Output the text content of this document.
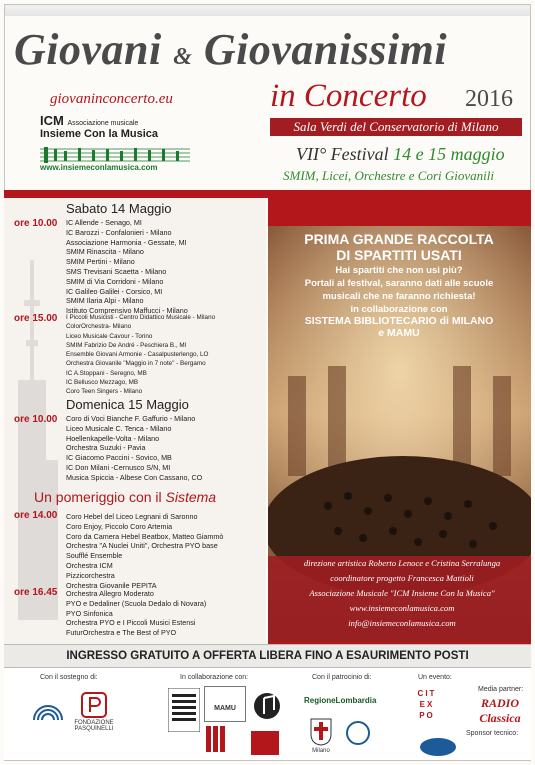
Giovani & Giovanissimi
in Concerto 2016
giovaninconcerto.eu
ICM Associazione musicale
Insieme Con la Musica
www.insiemeconlamusica.com
Sala Verdi del Conservatorio di Milano
VII° Festival 14 e 15 maggio
SMIM, Licei, Orchestre e Cori Giovanili
Sabato 14 Maggio
ore 10.00 IC Allende - Senago, MI
IC Barozzi - Confalonieri - Milano
Associazione Harmonia - Gessate, MI
SMIM Rinascita - Milano
SMIM Pertini - Milano
SMS Trevisani Scaetta - Milano
SMIM di Via Corridoni - Milano
IC Galileo Galilei - Corsico, MI
SMIM Ilaria Alpi - Milano
Istituto Comprensivo Maffucci - Milano
ore 15.00 I Piccoli Musicisti - Centro Didattico Musicale - Milano
ColorOrchestra- Milano
Liceo Musicale Cavour - Torino
SMIM Fabrizio De André - Peschiera B., MI
Ensemble Giovani Armonie - Casalpusterlengo, LO
Orchestra Giovanile "Maggio in 7 note" - Bergamo
IC A.Stoppani - Seregno, MB
IC Bellusco Mezzago, MB
Coro Teen Singers - Milano
Domenica 15 Maggio
ore 10.00 Coro di Voci Bianche F. Gaffurio - Milano
Liceo Musicale C. Tenca - Milano
Hoellenkapelle-Volta - Milano
Orchestra Suzuki - Pavia
IC Giacomo Paccini - Sovico, MB
IC Don Milani -Cernusco S/N, MI
Musica Spiccia - Albese Con Cassano, CO
Un pomeriggio con il Sistema
ore 14.00 Coro Hebel del Liceo Legnani di Saronno
Coro Enjoy, Piccolo Coro Artemia
Coro da Camera Hebel Beatbox, Matteo Giammò
Orchestra "A Nuclei Uniti", Orchestra PYO base
Soufflé Ensemble
Orchestra ICM
Pizzicorchestra
Orchestra Giovanile PEPITA
ore 16.45 Orchestra Allegro Moderato
PYO e Dedaliner (Scuola Dedalo di Novara)
PYO Sinfonica
Orchestra PYO e I Piccoli Musici Estensi
FuturOrchestra e The Best of PYO
PRIMA GRANDE RACCOLTA
DI SPARTITI USATI
Hai spartiti che non usi più?
Portali al festival, saranno dati alle scuole
musicali che ne faranno richiesta!
in collaborazione con
SISTEMA BIBLIOTECARIO di MILANO
e MAMU
direzione artistica Roberto Lenoce e Cristina Serralunga
coordinatore progetto Francesca Mattioli
Associazione Musicale "ICM Insieme Con la Musica"
www.insiemeconlamusica.com
info@insiemeconlamusica.com
INGRESSO GRATUITO A OFFERTA LIBERA FINO A ESAURIMENTO POSTI
Con il sostegno di:	In collaborazione con:	Con il patrocinio di:	Un evento:
Media partner:
Sponsor tecnico:
FONDAZIONE PASQUINELLI
MAMU
RegioneLombardia
Milano
CIT EX PO
RADIO Classica
